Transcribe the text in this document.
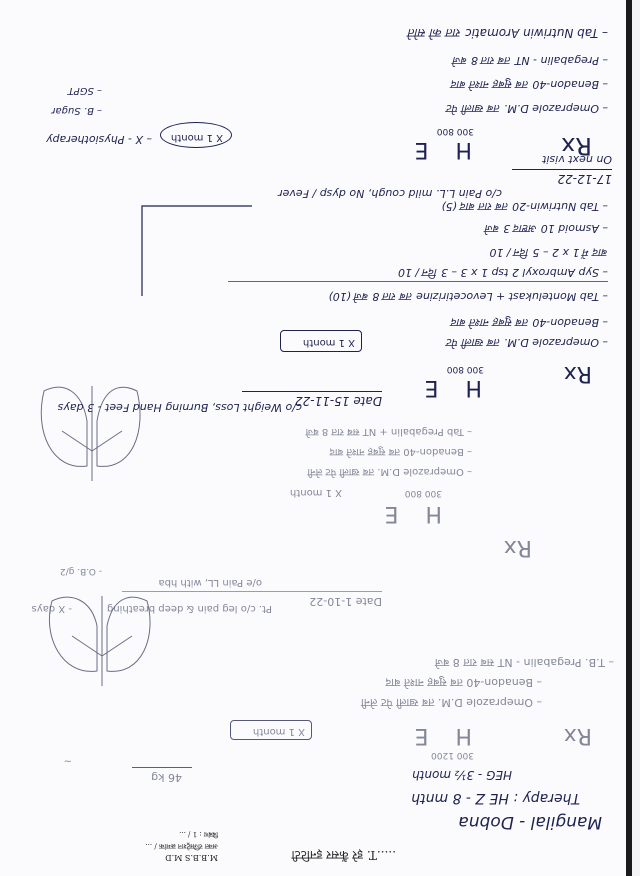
.....T. इरे कैंसर इनटिटी
M.B.B.S M.D
अक्त रजिस्ट्रेशन क्रमांक / ...
बिबंध : 1 / ...
Mangilal - Dobna
Therapy : HE Z - 8 mnth
HEG - 3½ month
46 kg
~
Rx
H E
300 1200
X 1 month
– Omeprazole D.M. तब खाली पेट लेनी
– Benadon-40 तब सुबह नाश्ते बाद
– T.B. Pregabalin - NT सब रात 8 बजे
Date 1-10-22
Pt. c/o leg pain & deep breathing
- X days
o/e Pain LL, with hba
- O.B. g/2
Rx
H E
300 800
X 1 month
– Omeprazole D.M. तब खाली पेट लेनी
– Benadon-40 तब सुबह नाश्ते बाद
– Tab Pregabalin + NT सब रात 8 बजे
Date 15-11-22
c/o Weight Loss, Burning Hand Feet - 3 days
Rx
H E
300 800
X 1 month	– Omeprazole D.M. तब खाली पेट
– Benadon-40 तब सुबह नाश्ते बाद
– Tab Montelukast + Levocetirizine तब रात 8 बजे (10)
– Syp Ambroxyl 2 tsp 1 x 3 – 3 दिन / 10
बाद में 1 x 2 – 5 दिन / 10
– Asmoid 10 अष्टाद 3 बजे
– Tab Nutriwin-20 तब रात बाद (5)
17-12-22
c/o Pain L.L. mild cough, No dysp / Fever
On next visit
Rx
H E
300 800
X 1 month
– X - Physiotherapy
– B. Sugar
– SGPT
– Omeprazole D.M. तब खाली पेट
– Benadon-40 तब सुबह नाश्ते बाद
– Pregabalin - NT तब रात 8 बजे
– Tab Nutriwin Aromatic रात को सोते
